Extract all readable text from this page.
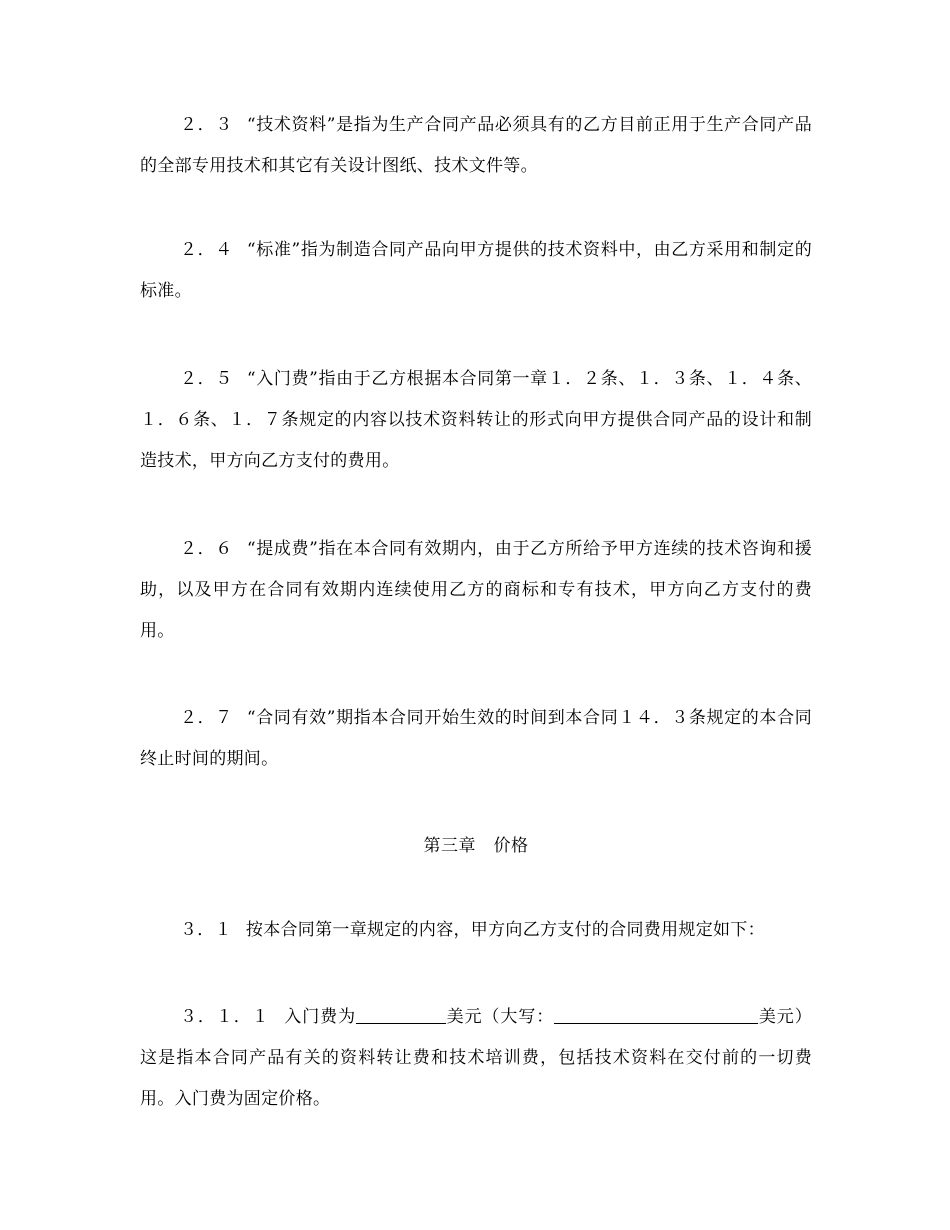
２．３ “技术资料”是指为生产合同产品必须具有的乙方目前正用于生产合同产品的全部专用技术和其它有关设计图纸、技术文件等。

２．４ “标准”指为制造合同产品向甲方提供的技术资料中，由乙方采用和制定的标准。

２．５ “入门费”指由于乙方根据本合同第一章１．２条、１．３条、１．４条、１．６条、１．７条规定的内容以技术资料转让的形式向甲方提供合同产品的设计和制造技术，甲方向乙方支付的费用。

２．６ “提成费”指在本合同有效期内，由于乙方所给予甲方连续的技术咨询和援助，以及甲方在合同有效期内连续使用乙方的商标和专有技术，甲方向乙方支付的费用。

２．７ “合同有效”期指本合同开始生效的时间到本合同１４．３条规定的本合同终止时间的期间。

第三章　价格

３．１ 按本合同第一章规定的内容，甲方向乙方支付的合同费用规定如下：

３．１．１ 入门费为	美元（大写：	美元）这是指本合同产品有关的资料转让费和技术培训费，包括技术资料在交付前的一切费用。入门费为固定价格。
